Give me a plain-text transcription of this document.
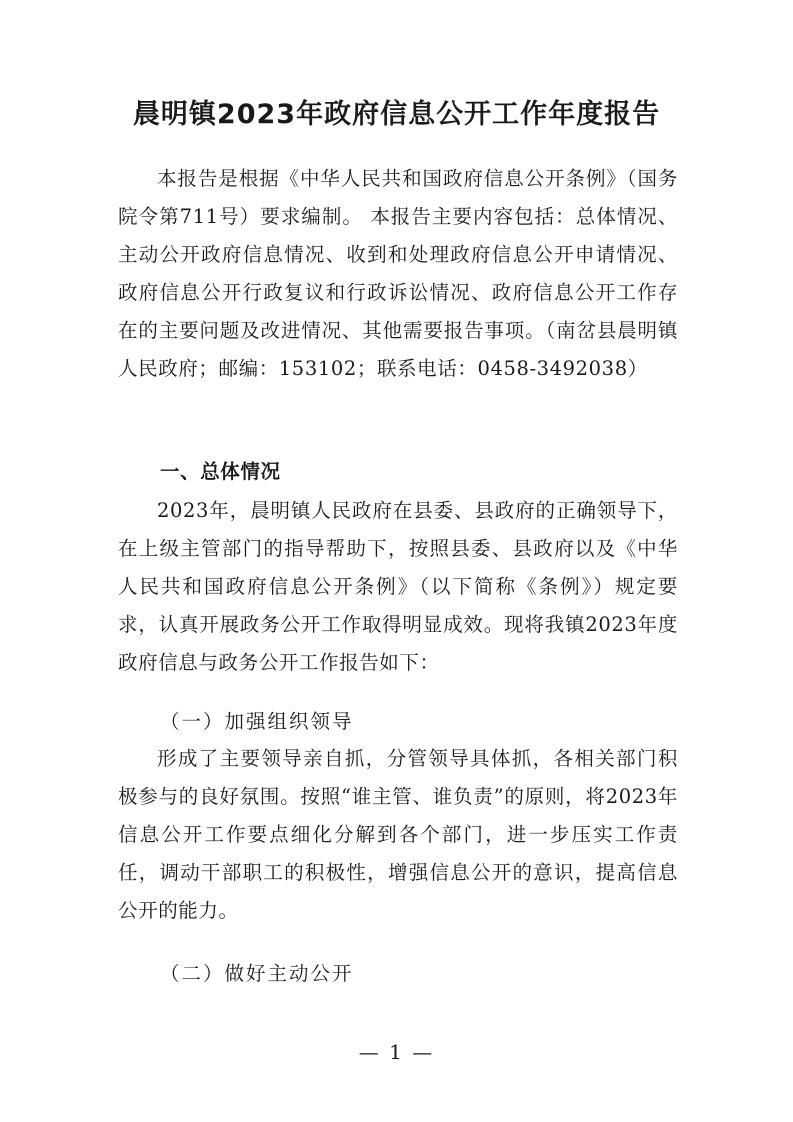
晨明镇2023年政府信息公开工作年度报告

本报告是根据《中华人民共和国政府信息公开条例》（国务院令第711号）要求编制。 本报告主要内容包括：总体情况、主动公开政府信息情况、收到和处理政府信息公开申请情况、政府信息公开行政复议和行政诉讼情况、政府信息公开工作存在的主要问题及改进情况、其他需要报告事项。（南岔县晨明镇人民政府；邮编：153102；联系电话：0458-3492038）

一、总体情况

2023年，晨明镇人民政府在县委、县政府的正确领导下，在上级主管部门的指导帮助下，按照县委、县政府以及《中华人民共和国政府信息公开条例》（以下简称《条例》）规定要求，认真开展政务公开工作取得明显成效。现将我镇2023年度政府信息与政务公开工作报告如下：

（一）加强组织领导

形成了主要领导亲自抓，分管领导具体抓，各相关部门积极参与的良好氛围。按照“谁主管、谁负责”的原则，将2023年信息公开工作要点细化分解到各个部门，进一步压实工作责任，调动干部职工的积极性，增强信息公开的意识，提高信息公开的能力。

（二）做好主动公开
— 1 —
